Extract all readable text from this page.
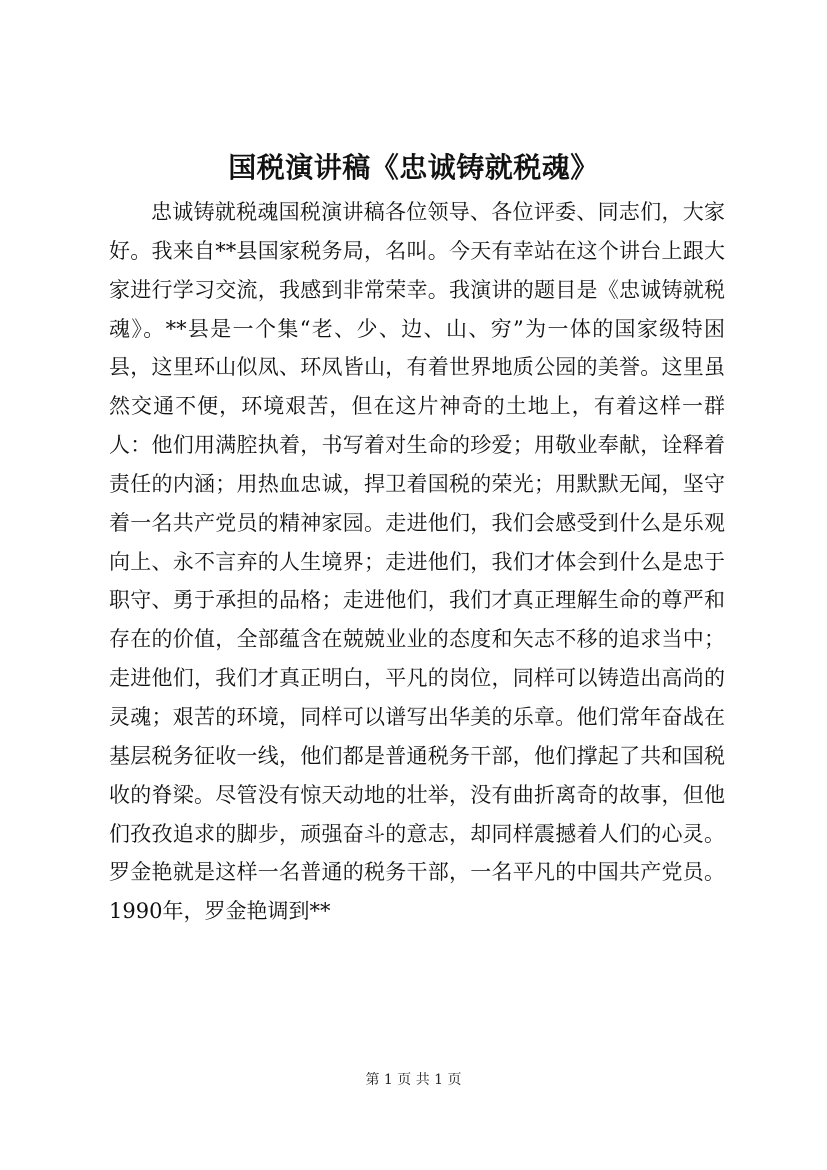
国税演讲稿《忠诚铸就税魂》

忠诚铸就税魂国税演讲稿各位领导、各位评委、同志们，大家好。我来自**县国家税务局，名叫。今天有幸站在这个讲台上跟大家进行学习交流，我感到非常荣幸。我演讲的题目是《忠诚铸就税魂》。**县是一个集“老、少、边、山、穷”为一体的国家级特困县，这里环山似凤、环凤皆山，有着世界地质公园的美誉。这里虽然交通不便，环境艰苦，但在这片神奇的土地上，有着这样一群人：他们用满腔执着，书写着对生命的珍爱；用敬业奉献，诠释着责任的内涵；用热血忠诚，捍卫着国税的荣光；用默默无闻，坚守着一名共产党员的精神家园。走进他们，我们会感受到什么是乐观向上、永不言弃的人生境界；走进他们，我们才体会到什么是忠于职守、勇于承担的品格；走进他们，我们才真正理解生命的尊严和存在的价值，全部蕴含在兢兢业业的态度和矢志不移的追求当中；走进他们，我们才真正明白，平凡的岗位，同样可以铸造出高尚的灵魂；艰苦的环境，同样可以谱写出华美的乐章。他们常年奋战在基层税务征收一线，他们都是普通税务干部，他们撑起了共和国税收的脊梁。尽管没有惊天动地的壮举，没有曲折离奇的故事，但他们孜孜追求的脚步，顽强奋斗的意志，却同样震撼着人们的心灵。罗金艳就是这样一名普通的税务干部，一名平凡的中国共产党员。1990年，罗金艳调到**

第 1 页 共 1 页
